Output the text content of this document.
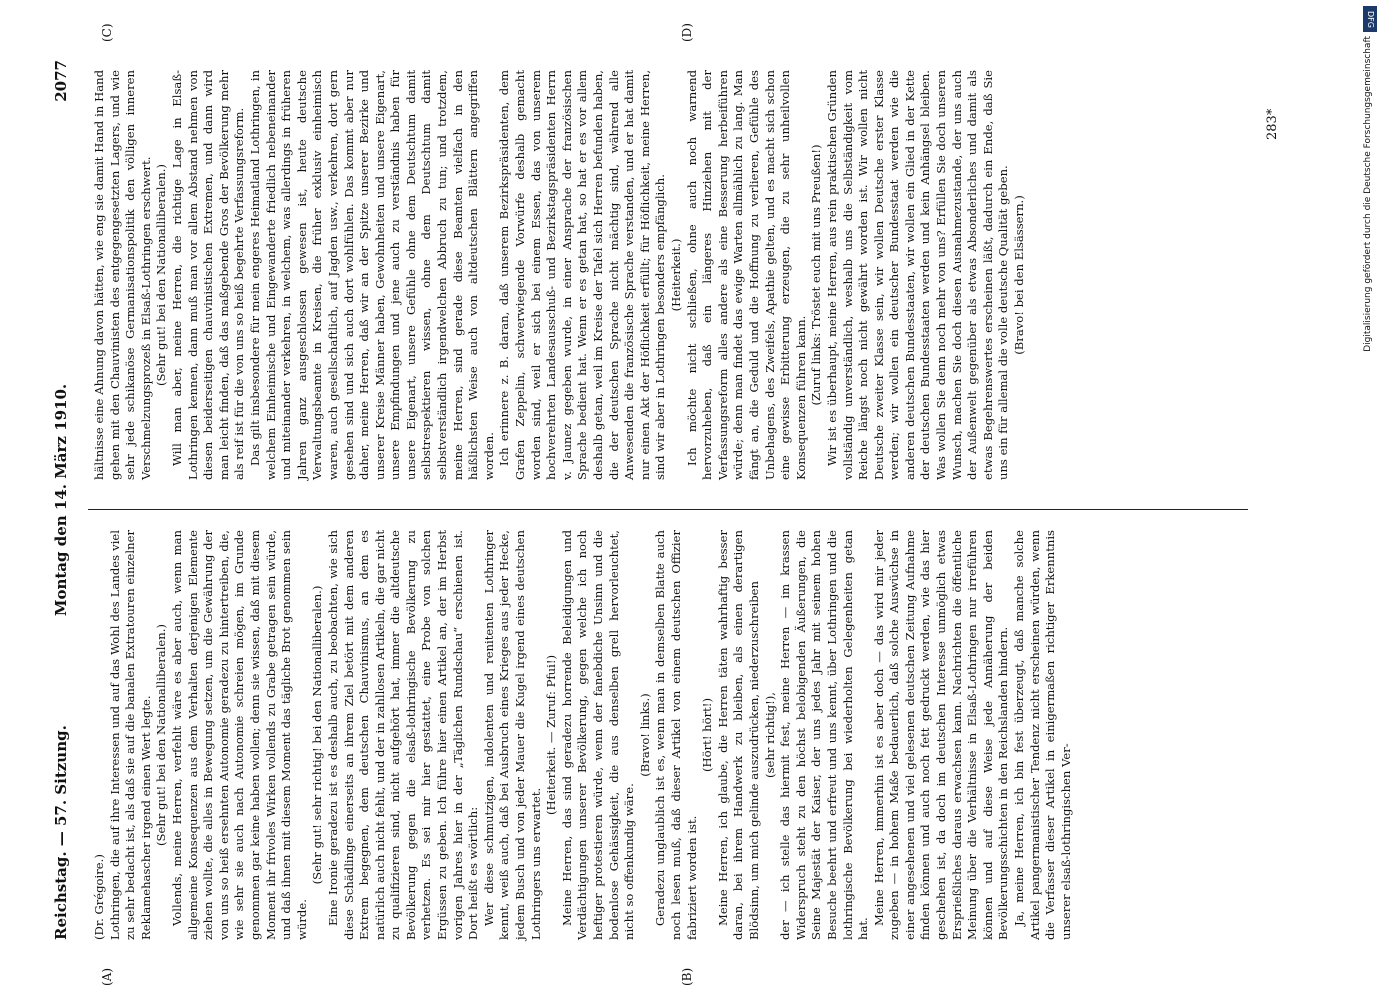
Reichstag. — 57. Sitzung.
Montag den 14. März 1910.
2077
(A)	(B)
(C)	(D)

(Dr. Grégoire.) Lothringen, die auf ihre Interessen und auf das Wohl des Landes viel zu sehr bedacht ist, als daß sie auf die banalen Extratouren einzelner Reklamehascher irgend einen Wert legte. (Sehr gut! bei den Nationalliberalen.) Vollends, meine Herren, verfehlt wäre es aber auch, wenn man allgemeine Konsequenzen aus dem Verhalten derjenigen Elemente ziehen wollte, die alles in Bewegung setzen, um die Gewährung der von uns so heiß ersehnten Autonomie geradezu zu hintertreiben, die, wie sehr sie auch nach Autonomie schreien mögen, im Grunde genommen gar keine haben wollen; denn sie wissen, daß mit diesem Moment ihr frivoles Wirken vollends zu Grabe getragen sein würde, und daß ihnen mit diesem Moment das tägliche Brot genommen sein würde.

(Sehr gut! sehr richtig! bei den Nationalliberalen.) Eine Ironie geradezu ist es deshalb auch, zu beobachten, wie sich diese Schädlinge einerseits an ihrem Ziel betört mit dem anderen Extrem begegnen, dem deutschen Chauvinismus, an dem es natürlich auch nicht fehlt, und der in zahllosen Artikeln, die gar nicht zu qualifizieren sind, nicht aufgehört hat, immer die altdeutsche Bevölkerung gegen die elsaß-lothringische Bevölkerung zu verhetzen. Es sei mir hier gestattet, eine Probe von solchen Ergüssen zu geben. Ich führe hier einen Artikel an, der im Herbst vorigen Jahres hier in der „Täglichen Rundschau“ erschienen ist. Dort heißt es wörtlich: Wer diese schmutzigen, indolenten und renitenten Lothringer kennt, weiß auch, daß bei Ausbruch eines Krieges aus jeder Hecke, jedem Busch und von jeder Mauer die Kugel irgend eines deutschen Lothringers uns erwartet.

(Heiterkeit. — Zuruf: Pfui!) Meine Herren, das sind geradezu horrende Beleidigungen und Verdächtigungen unserer Bevölkerung, gegen welche ich noch heftiger protestieren würde, wenn der fanebdiche Unsinn und die bodenlose Gehässigkeit, die aus denselben grell hervorleuchtet, nicht so offenkundig wäre.

(Bravo! links.) Geradezu unglaublich ist es, wenn man in demselben Blatte auch noch lesen muß, daß dieser Artikel von einem deutschen Offizier fabriziert worden ist.

(Hört! hört!) Meine Herren, ich glaube, die Herren täten wahrhaftig besser daran, bei ihrem Handwerk zu bleiben, als einen derartigen Blödsinn, um mich gelinde auszudrücken, niederzuschreiben (sehr richtig!), der — ich stelle das hiermit fest, meine Herren — im krassen Widerspruch steht zu den höchst belobigenden Äußerungen, die Seine Majestät der Kaiser, der uns jedes Jahr mit seinem hohen Besuche beehrt und erfreut und uns kennt, über Lothringen und die lothringische Bevölkerung bei wiederholten Gelegenheiten getan hat.

Meine Herren, immerhin ist es aber doch — das wird mir jeder zugeben — in hohem Maße bedauerlich, daß solche Auswüchse in einer angesehenen und viel gelesenen deutschen Zeitung Aufnahme finden können und auch noch fett gedruckt werden, wie das hier geschehen ist, da doch im deutschen Interesse unmöglich etwas Ersprießliches daraus erwachsen kann. Nachrichten die öffentliche Meinung über die Verhältnisse in Elsaß-Lothringen nur irreführen können und auf diese Weise jede Annäherung der beiden Bevölkerungsschichten in den Reichslanden hindern. Ja, meine Herren, ich bin fest überzeugt, daß manche solche Artikel pangermanistischer Tendenz nicht erscheinen würden, wenn die Verfasser dieser Artikel in einigermaßen richtiger Erkenntnis unserer elsaß-lothringischen Ver-

hältnisse eine Ahnung davon hätten, wie eng sie damit Hand in Hand gehen mit den Chauvinisten des entgegengesetzten Lagers, und wie sehr jede schikanöse Germanisationspolitik den völligen inneren Verschmelzungsprozeß in Elsaß-Lothringen erschwert. (Sehr gut! bei den Nationalliberalen.) Will man aber, meine Herren, die richtige Lage in Elsaß-Lothringen kennen, dann muß man vor allem Abstand nehmen von diesen beiderseitigen chauvinistischen Extremen, und dann wird man leicht finden, daß das maßgebende Gros der Bevölkerung mehr als reif ist für die von uns so heiß begehrte Verfassungsreform. Das gilt insbesondere für mein engeres Heimatland Lothringen, in welchem Einheimische und Eingewanderte friedlich nebeneinander und miteinander verkehren, in welchem, was allerdings in früheren Jahren ganz ausgeschlossen gewesen ist, heute deutsche Verwaltungsbeamte in Kreisen, die früher exklusiv einheimisch waren, auch gesellschaftlich, auf Jagden usw., verkehren, dort gern gesehen sind und sich auch dort wohlfühlen. Das kommt aber nur daher, meine Herren, daß wir an der Spitze unserer Bezirke und unserer Kreise Männer haben, Gewohnheiten und unsere Eigenart, unsere Empfindungen und jene auch zu verständnis haben für unsere Eigenart, unsere Gefühle ohne dem Deutschtum damit selbstrespektieren wissen, ohne dem Deutschtum damit selbstverständlich irgendwelchen Abbruch zu tun; und trotzdem, meine Herren, sind gerade diese Beamten vielfach in den häßlichsten Weise auch von altdeutschen Blättern angegriffen worden. Ich erinnere z. B. daran, daß unserem Bezirkspräsidenten, dem Grafen Zeppelin, schwerwiegende Vorwürfe deshalb gemacht worden sind, weil er sich bei einem Essen, das von unserem hochverehrten Landesausschuß- und Bezirkstagspräsidenten Herrn v. Jaunez gegeben wurde, in einer Ansprache der französischen Sprache bedient hat. Wenn er es getan hat, so hat er es vor allem deshalb getan, weil im Kreise der Tafel sich Herren befunden haben, die der deutschen Sprache nicht mächtig sind, während alle Anwesenden die französische Sprache verstanden, und er hat damit nur einen Akt der Höflichkeit erfüllt; für Höflichkeit, meine Herren, sind wir aber in Lothringen besonders empfänglich. (Heiterkeit.) Ich möchte nicht schließen, ohne auch noch warnend hervorzuheben, daß ein längeres Hinziehen mit der Verfassungsreform alles andere als eine Besserung herbeiführen würde; denn man findet das ewige Warten allmählich zu lang. Man fängt an, die Geduld und die Hoffnung zu verlieren, Gefühle des Unbehagens, des Zweifels, Apathie gelten, und es macht sich schon eine gewisse Erbitterung erzeugen, die zu sehr unheilvollen Konsequenzen führen kann. (Zuruf links: Tröstet euch mit uns Preußen!) Wir ist es überhaupt, meine Herren, aus rein praktischen Gründen vollständig unverständlich, weshalb uns die Selbständigkeit vom Reiche längst noch nicht gewährt worden ist. Wir wollen nicht Deutsche zweiter Klasse sein, wir wollen Deutsche erster Klasse werden; wir wollen ein deutscher Bundesstaat werden wie die anderen deutschen Bundesstaaten, wir wollen ein Glied in der Kette der deutschen Bundesstaaten werden und kein Anhängsel bleiben. Was wollen Sie denn noch mehr von uns? Erfüllen Sie doch unseren Wunsch, machen Sie doch diesen Ausnahmezustande, der uns auch der Außenwelt gegenüber als etwas Absonderliches und damit als etwas Begehrenswertes erscheinen läßt, dadurch ein Ende, daß Sie uns ein für allemal die volle deutsche Qualität geben. (Bravo! bei den Elsässern.)

283*
DFG
Digitalisierung gefördert durch die Deutsche Forschungsgemeinschaft
